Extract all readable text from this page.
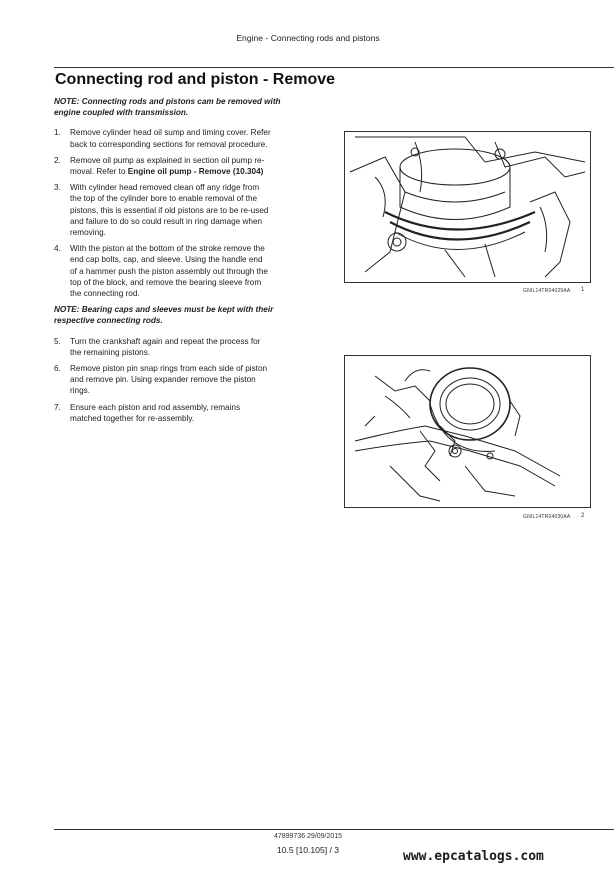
Engine - Connecting rods and pistons
Connecting rod and piston - Remove

NOTE: Connecting rods and pistons cam be removed with
engine coupled with transmission.

1.	Remove cylinder head oil sump and timing cover. Refer
back to corresponding sections for removal procedure.
2.	Remove oil pump as explained in section oil pump re-
moval. Refer to Engine oil pump - Remove (10.304)
3.	With cylinder head removed clean off any ridge from
the top of the cylinder bore to enable removal of the
pistons, this is essential if old pistons are to be re-used
and failure to do so could result in ring damage when
removing.
4.	With the piston at the bottom of the stroke remove the
end cap bolts, cap, and sleeve. Using the handle end
of a hammer push the piston assembly out through the
top of the block, and remove the bearing sleeve from
the connecting rod.

NOTE: Bearing caps and sleeves must be kept with their
respective connecting rods.

5.	Turn the crankshaft again and repeat the process for
the remaining pistons.
6.	Remove piston pin snap rings from each side of piston
and remove pin. Using expander remove the piston
rings.
7.	Ensure each piston and rod assembly, remains
matched together for re-assembly.
GNIL14TR04029AA 1
GNIL14TR04030AA 2
47899736 29/09/2015
10.5 [10.105] / 3	www.epcatalogs.com
